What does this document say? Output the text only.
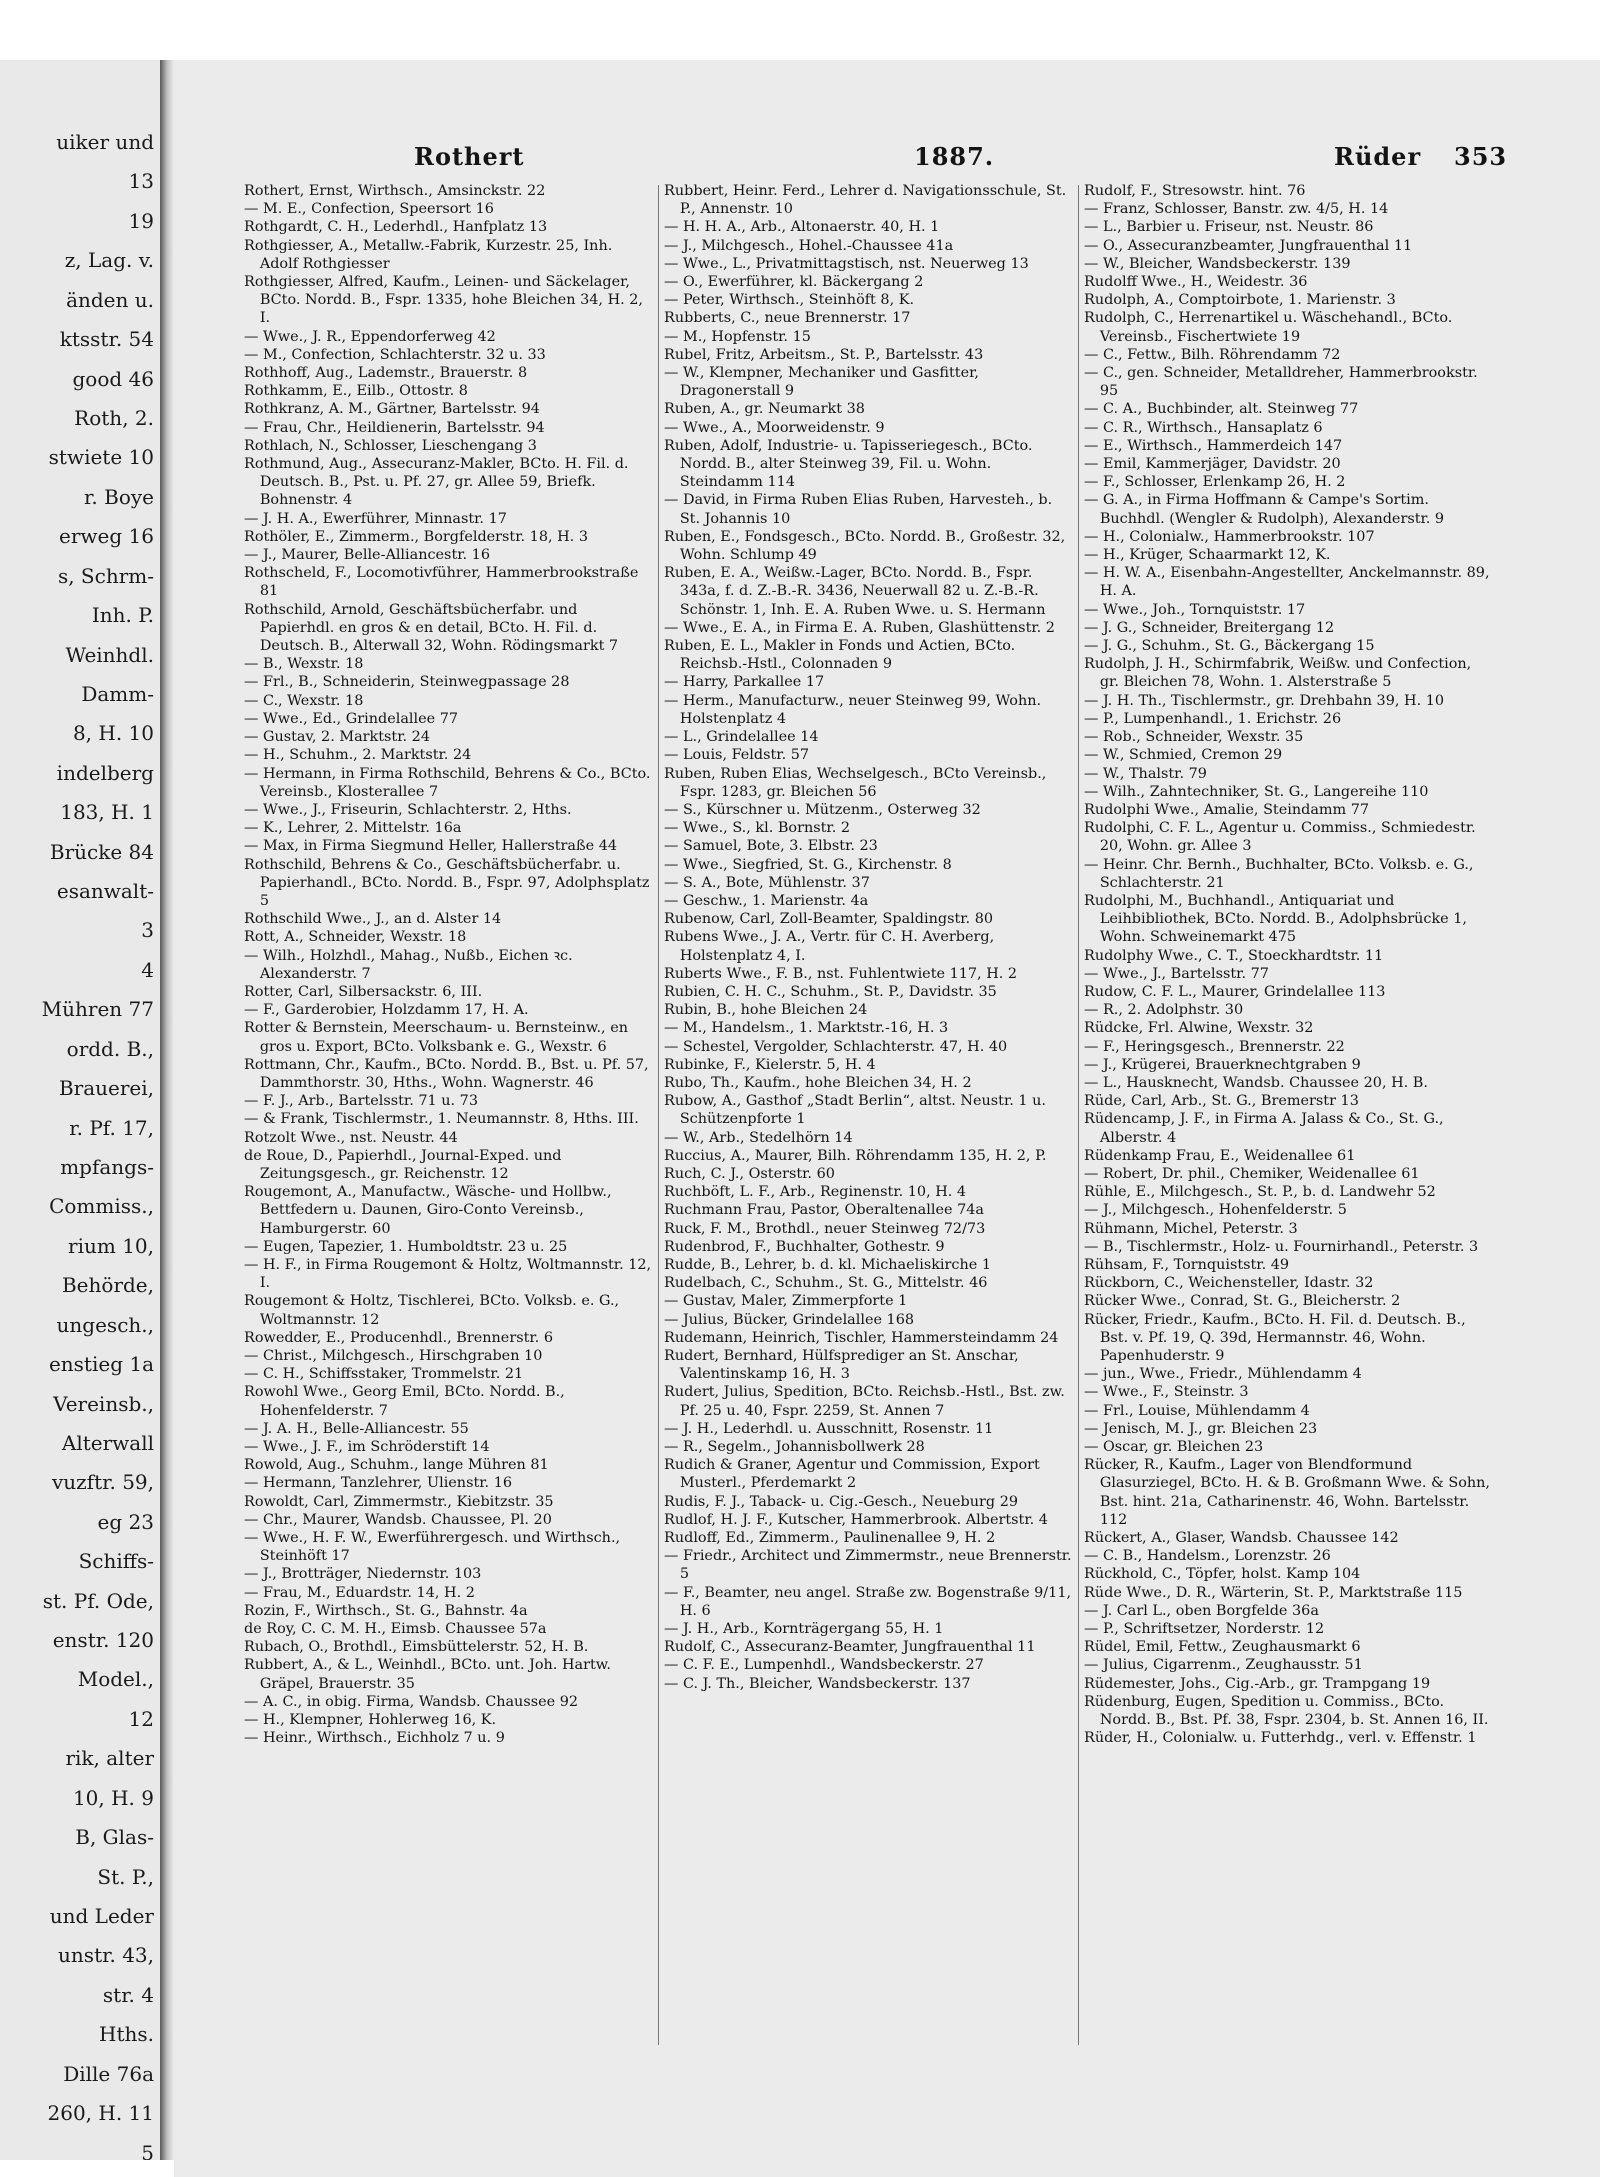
uiker und
13
19
z, Lag. v.
änden u.
ktsstr. 54
good 46
Roth, 2.
stwiete 10
r. Boye
erweg 16
s, Schrm-
Inh. P.
Weinhdl.
Damm-
8, H. 10
indelberg
183, H. 1
Brücke 84
esanwalt-
3
4
Mühren 77
ordd. B.,
Brauerei,
r. Pf. 17,
mpfangs-
Commiss.,
rium 10,
Behörde,
ungesch.,
enstieg 1a
Vereinsb.,
Alterwall
vuzftr. 59,
eg 23
Schiffs-
st. Pf. Ode,
enstr. 120
Model.,
12
rik, alter
10, H. 9
B, Glas-
St. P.,
und Leder
unstr. 43,
str. 4
Hths.
Dille 76a
260, H. 11
5
Rothert	1887.	Rüder 353
Rothert, Ernst, Wirthsch., Amsinckstr. 22
— M. E., Confection, Speersort 16
Rothgardt, C. H., Lederhdl., Hanfplatz 13
Rothgiesser, A., Metallw.-Fabrik, Kurzestr. 25, Inh. Adolf Rothgiesser
Rothgiesser, Alfred, Kaufm., Leinen- und Säckelager, BCto. Nordd. B., Fspr. 1335, hohe Bleichen 34, H. 2, I.
— Wwe., J. R., Eppendorferweg 42
— M., Confection, Schlachterstr. 32 u. 33
Rothhoff, Aug., Lademstr., Brauerstr. 8
Rothkamm, E., Eilb., Ottostr. 8
Rothkranz, A. M., Gärtner, Bartelsstr. 94
— Frau, Chr., Heildienerin, Bartelsstr. 94
Rothlach, N., Schlosser, Lieschengang 3
Rothmund, Aug., Assecuranz-Makler, BCto. H. Fil. d. Deutsch. B., Pst. u. Pf. 27, gr. Allee 59, Briefk. Bohnenstr. 4
— J. H. A., Ewerführer, Minnastr. 17
Rothöler, E., Zimmerm., Borgfelderstr. 18, H. 3
— J., Maurer, Belle-Alliancestr. 16
Rothscheld, F., Locomotivführer, Hammerbrookstraße 81
Rothschild, Arnold, Geschäftsbücherfabr. und Papierhdl. en gros & en detail, BCto. H. Fil. d. Deutsch. B., Alterwall 32, Wohn. Rödingsmarkt 7
— B., Wexstr. 18
— Frl., B., Schneiderin, Steinwegpassage 28
— C., Wexstr. 18
— Wwe., Ed., Grindelallee 77
— Gustav, 2. Marktstr. 24
— H., Schuhm., 2. Marktstr. 24
— Hermann, in Firma Rothschild, Behrens & Co., BCto. Vereinsb., Klosterallee 7
— Wwe., J., Friseurin, Schlachterstr. 2, Hths.
— K., Lehrer, 2. Mittelstr. 16a
— Max, in Firma Siegmund Heller, Hallerstraße 44
Rothschild, Behrens & Co., Geschäftsbücherfabr. u. Papierhandl., BCto. Nordd. B., Fspr. 97, Adolphsplatz 5
Rothschild Wwe., J., an d. Alster 14
Rott, A., Schneider, Wexstr. 18
— Wilh., Holzhdl., Mahag., Nußb., Eichen ꝛc. Alexanderstr. 7
Rotter, Carl, Silbersackstr. 6, III.
— F., Garderobier, Holzdamm 17, H. A.
Rotter & Bernstein, Meerschaum- u. Bernsteinw., en gros u. Export, BCto. Volksbank e. G., Wexstr. 6
Rottmann, Chr., Kaufm., BCto. Nordd. B., Bst. u. Pf. 57, Dammthorstr. 30, Hths., Wohn. Wagnerstr. 46
— F. J., Arb., Bartelsstr. 71 u. 73
— & Frank, Tischlermstr., 1. Neumannstr. 8, Hths. III.
Rotzolt Wwe., nst. Neustr. 44
de Roue, D., Papierhdl., Journal-Exped. und Zeitungsgesch., gr. Reichenstr. 12
Rougemont, A., Manufactw., Wäsche- und Hollbw., Bettfedern u. Daunen, Giro-Conto Vereinsb., Hamburgerstr. 60
— Eugen, Tapezier, 1. Humboldtstr. 23 u. 25
— H. F., in Firma Rougemont & Holtz, Woltmannstr. 12, I.
Rougemont & Holtz, Tischlerei, BCto. Volksb. e. G., Woltmannstr. 12
Rowedder, E., Producenhdl., Brennerstr. 6
— Christ., Milchgesch., Hirschgraben 10
— C. H., Schiffsstaker, Trommelstr. 21
Rowohl Wwe., Georg Emil, BCto. Nordd. B., Hohenfelderstr. 7
— J. A. H., Belle-Alliancestr. 55
— Wwe., J. F., im Schröderstift 14
Rowold, Aug., Schuhm., lange Mühren 81
— Hermann, Tanzlehrer, Ulienstr. 16
Rowoldt, Carl, Zimmermstr., Kiebitzstr. 35
— Chr., Maurer, Wandsb. Chaussee, Pl. 20
— Wwe., H. F. W., Ewerführergesch. und Wirthsch., Steinhöft 17
— J., Brotträger, Niedernstr. 103
— Frau, M., Eduardstr. 14, H. 2
Rozin, F., Wirthsch., St. G., Bahnstr. 4a
de Roy, C. C. M. H., Eimsb. Chaussee 57a
Rubach, O., Brothdl., Eimsbüttelerstr. 52, H. B.
Rubbert, A., & L., Weinhdl., BCto. unt. Joh. Hartw. Gräpel, Brauerstr. 35
— A. C., in obig. Firma, Wandsb. Chaussee 92
— H., Klempner, Hohlerweg 16, K.
— Heinr., Wirthsch., Eichholz 7 u. 9
Rubbert, Heinr. Ferd., Lehrer d. Navigationsschule, St. P., Annenstr. 10
— H. H. A., Arb., Altonaerstr. 40, H. 1
— J., Milchgesch., Hohel.-Chaussee 41a
— Wwe., L., Privatmittagstisch, nst. Neuerweg 13
— O., Ewerführer, kl. Bäckergang 2
— Peter, Wirthsch., Steinhöft 8, K.
Rubberts, C., neue Brennerstr. 17
— M., Hopfenstr. 15
Rubel, Fritz, Arbeitsm., St. P., Bartelsstr. 43
— W., Klempner, Mechaniker und Gasfitter, Dragonerstall 9
Ruben, A., gr. Neumarkt 38
— Wwe., A., Moorweidenstr. 9
Ruben, Adolf, Industrie- u. Tapisseriegesch., BCto. Nordd. B., alter Steinweg 39, Fil. u. Wohn. Steindamm 114
— David, in Firma Ruben Elias Ruben, Harvesteh., b. St. Johannis 10
Ruben, E., Fondsgesch., BCto. Nordd. B., Großestr. 32, Wohn. Schlump 49
Ruben, E. A., Weißw.-Lager, BCto. Nordd. B., Fspr. 343a, f. d. Z.-B.-R. 3436, Neuerwall 82 u. Z.-B.-R. Schönstr. 1, Inh. E. A. Ruben Wwe. u. S. Hermann
— Wwe., E. A., in Firma E. A. Ruben, Glashüttenstr. 2
Ruben, E. L., Makler in Fonds und Actien, BCto. Reichsb.-Hstl., Colonnaden 9
— Harry, Parkallee 17
— Herm., Manufacturw., neuer Steinweg 99, Wohn. Holstenplatz 4
— L., Grindelallee 14
— Louis, Feldstr. 57
Ruben, Ruben Elias, Wechselgesch., BCto Vereinsb., Fspr. 1283, gr. Bleichen 56
— S., Kürschner u. Mützenm., Osterweg 32
— Wwe., S., kl. Bornstr. 2
— Samuel, Bote, 3. Elbstr. 23
— Wwe., Siegfried, St. G., Kirchenstr. 8
— S. A., Bote, Mühlenstr. 37
— Geschw., 1. Marienstr. 4a
Rubenow, Carl, Zoll-Beamter, Spaldingstr. 80
Rubens Wwe., J. A., Vertr. für C. H. Averberg, Holstenplatz 4, I.
Ruberts Wwe., F. B., nst. Fuhlentwiete 117, H. 2
Rubien, C. H. C., Schuhm., St. P., Davidstr. 35
Rubin, B., hohe Bleichen 24
— M., Handelsm., 1. Marktstr.-16, H. 3
— Schestel, Vergolder, Schlachterstr. 47, H. 40
Rubinke, F., Kielerstr. 5, H. 4
Rubo, Th., Kaufm., hohe Bleichen 34, H. 2
Rubow, A., Gasthof „Stadt Berlin“, altst. Neustr. 1 u. Schützenpforte 1
— W., Arb., Stedelhörn 14
Ruccius, A., Maurer, Bilh. Röhrendamm 135, H. 2, P.
Ruch, C. J., Osterstr. 60
Ruchböft, L. F., Arb., Reginenstr. 10, H. 4
Ruchmann Frau, Pastor, Oberaltenallee 74a
Ruck, F. M., Brothdl., neuer Steinweg 72/73
Rudenbrod, F., Buchhalter, Gothestr. 9
Rudde, B., Lehrer, b. d. kl. Michaeliskirche 1
Rudelbach, C., Schuhm., St. G., Mittelstr. 46
— Gustav, Maler, Zimmerpforte 1
— Julius, Bücker, Grindelallee 168
Rudemann, Heinrich, Tischler, Hammersteindamm 24
Rudert, Bernhard, Hülfsprediger an St. Anschar, Valentinskamp 16, H. 3
Rudert, Julius, Spedition, BCto. Reichsb.-Hstl., Bst. zw. Pf. 25 u. 40, Fspr. 2259, St. Annen 7
— J. H., Lederhdl. u. Ausschnitt, Rosenstr. 11
— R., Segelm., Johannisbollwerk 28
Rudich & Graner, Agentur und Commission, Export Musterl., Pferdemarkt 2
Rudis, F. J., Taback- u. Cig.-Gesch., Neueburg 29
Rudlof, H. J. F., Kutscher, Hammerbrook. Albertstr. 4
Rudloff, Ed., Zimmerm., Paulinenallee 9, H. 2
— Friedr., Architect und Zimmermstr., neue Brennerstr. 5
— F., Beamter, neu angel. Straße zw. Bogenstraße 9/11, H. 6
— J. H., Arb., Kornträgergang 55, H. 1
Rudolf, C., Assecuranz-Beamter, Jungfrauenthal 11
— C. F. E., Lumpenhdl., Wandsbeckerstr. 27
— C. J. Th., Bleicher, Wandsbeckerstr. 137
Rudolf, F., Stresowstr. hint. 76
— Franz, Schlosser, Banstr. zw. 4/5, H. 14
— L., Barbier u. Friseur, nst. Neustr. 86
— O., Assecuranzbeamter, Jungfrauenthal 11
— W., Bleicher, Wandsbeckerstr. 139
Rudolff Wwe., H., Weidestr. 36
Rudolph, A., Comptoirbote, 1. Marienstr. 3
Rudolph, C., Herrenartikel u. Wäschehandl., BCto. Vereinsb., Fischertwiete 19
— C., Fettw., Bilh. Röhrendamm 72
— C., gen. Schneider, Metalldreher, Hammerbrookstr. 95
— C. A., Buchbinder, alt. Steinweg 77
— C. R., Wirthsch., Hansaplatz 6
— E., Wirthsch., Hammerdeich 147
— Emil, Kammerjäger, Davidstr. 20
— F., Schlosser, Erlenkamp 26, H. 2
— G. A., in Firma Hoffmann & Campe's Sortim. Buchhdl. (Wengler & Rudolph), Alexanderstr. 9
— H., Colonialw., Hammerbrookstr. 107
— H., Krüger, Schaarmarkt 12, K.
— H. W. A., Eisenbahn-Angestellter, Anckelmannstr. 89, H. A.
— Wwe., Joh., Tornquiststr. 17
— J. G., Schneider, Breitergang 12
— J. G., Schuhm., St. G., Bäckergang 15
Rudolph, J. H., Schirmfabrik, Weißw. und Confection, gr. Bleichen 78, Wohn. 1. Alsterstraße 5
— J. H. Th., Tischlermstr., gr. Drehbahn 39, H. 10
— P., Lumpenhandl., 1. Erichstr. 26
— Rob., Schneider, Wexstr. 35
— W., Schmied, Cremon 29
— W., Thalstr. 79
— Wilh., Zahntechniker, St. G., Langereihe 110
Rudolphi Wwe., Amalie, Steindamm 77
Rudolphi, C. F. L., Agentur u. Commiss., Schmiedestr. 20, Wohn. gr. Allee 3
— Heinr. Chr. Bernh., Buchhalter, BCto. Volksb. e. G., Schlachterstr. 21
Rudolphi, M., Buchhandl., Antiquariat und Leihbibliothek, BCto. Nordd. B., Adolphsbrücke 1, Wohn. Schweinemarkt 475
Rudolphy Wwe., C. T., Stoeckhardtstr. 11
— Wwe., J., Bartelsstr. 77
Rudow, C. F. L., Maurer, Grindelallee 113
— R., 2. Adolphstr. 30
Rüdcke, Frl. Alwine, Wexstr. 32
— F., Heringsgesch., Brennerstr. 22
— J., Krügerei, Brauerknechtgraben 9
— L., Hausknecht, Wandsb. Chaussee 20, H. B.
Rüde, Carl, Arb., St. G., Bremerstr 13
Rüdencamp, J. F., in Firma A. Jalass & Co., St. G., Alberstr. 4
Rüdenkamp Frau, E., Weidenallee 61
— Robert, Dr. phil., Chemiker, Weidenallee 61
Rühle, E., Milchgesch., St. P., b. d. Landwehr 52
— J., Milchgesch., Hohenfelderstr. 5
Rühmann, Michel, Peterstr. 3
— B., Tischlermstr., Holz- u. Fournirhandl., Peterstr. 3
Rühsam, F., Tornquiststr. 49
Rückborn, C., Weichensteller, Idastr. 32
Rücker Wwe., Conrad, St. G., Bleicherstr. 2
Rücker, Friedr., Kaufm., BCto. H. Fil. d. Deutsch. B., Bst. v. Pf. 19, Q. 39d, Hermannstr. 46, Wohn. Papenhuderstr. 9
— jun., Wwe., Friedr., Mühlendamm 4
— Wwe., F., Steinstr. 3
— Frl., Louise, Mühlendamm 4
— Jenisch, M. J., gr. Bleichen 23
— Oscar, gr. Bleichen 23
Rücker, R., Kaufm., Lager von Blendformund Glasurziegel, BCto. H. & B. Großmann Wwe. & Sohn, Bst. hint. 21a, Catharinenstr. 46, Wohn. Bartelsstr. 112
Rückert, A., Glaser, Wandsb. Chaussee 142
— C. B., Handelsm., Lorenzstr. 26
Rückhold, C., Töpfer, holst. Kamp 104
Rüde Wwe., D. R., Wärterin, St. P., Marktstraße 115
— J. Carl L., oben Borgfelde 36a
— P., Schriftsetzer, Norderstr. 12
Rüdel, Emil, Fettw., Zeughausmarkt 6
— Julius, Cigarrenm., Zeughausstr. 51
Rüdemester, Johs., Cig.-Arb., gr. Trampgang 19
Rüdenburg, Eugen, Spedition u. Commiss., BCto. Nordd. B., Bst. Pf. 38, Fspr. 2304, b. St. Annen 16, II.
Rüder, H., Colonialw. u. Futterhdg., verl. v. Effenstr. 1
